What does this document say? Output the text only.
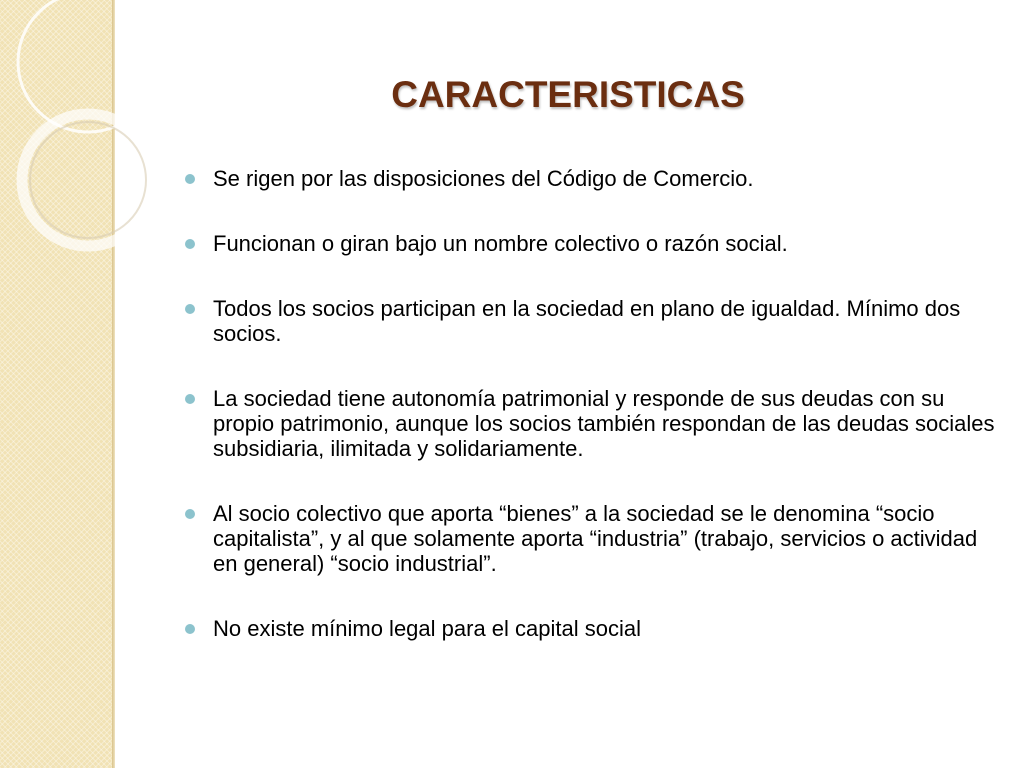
CARACTERISTICAS
Se rigen por las disposiciones del Código de Comercio.
Funcionan o giran bajo un nombre colectivo o razón social.
Todos los socios participan en la sociedad en plano de igualdad. Mínimo dos socios.
La sociedad tiene autonomía patrimonial y responde de sus deudas con su propio patrimonio, aunque los socios también respondan de las deudas sociales subsidiaria, ilimitada y solidariamente.
Al socio colectivo que aporta “bienes” a la sociedad se le denomina “socio capitalista”, y al que solamente aporta “industria” (trabajo, servicios o actividad en general) “socio industrial”.
No existe mínimo legal para el capital social
